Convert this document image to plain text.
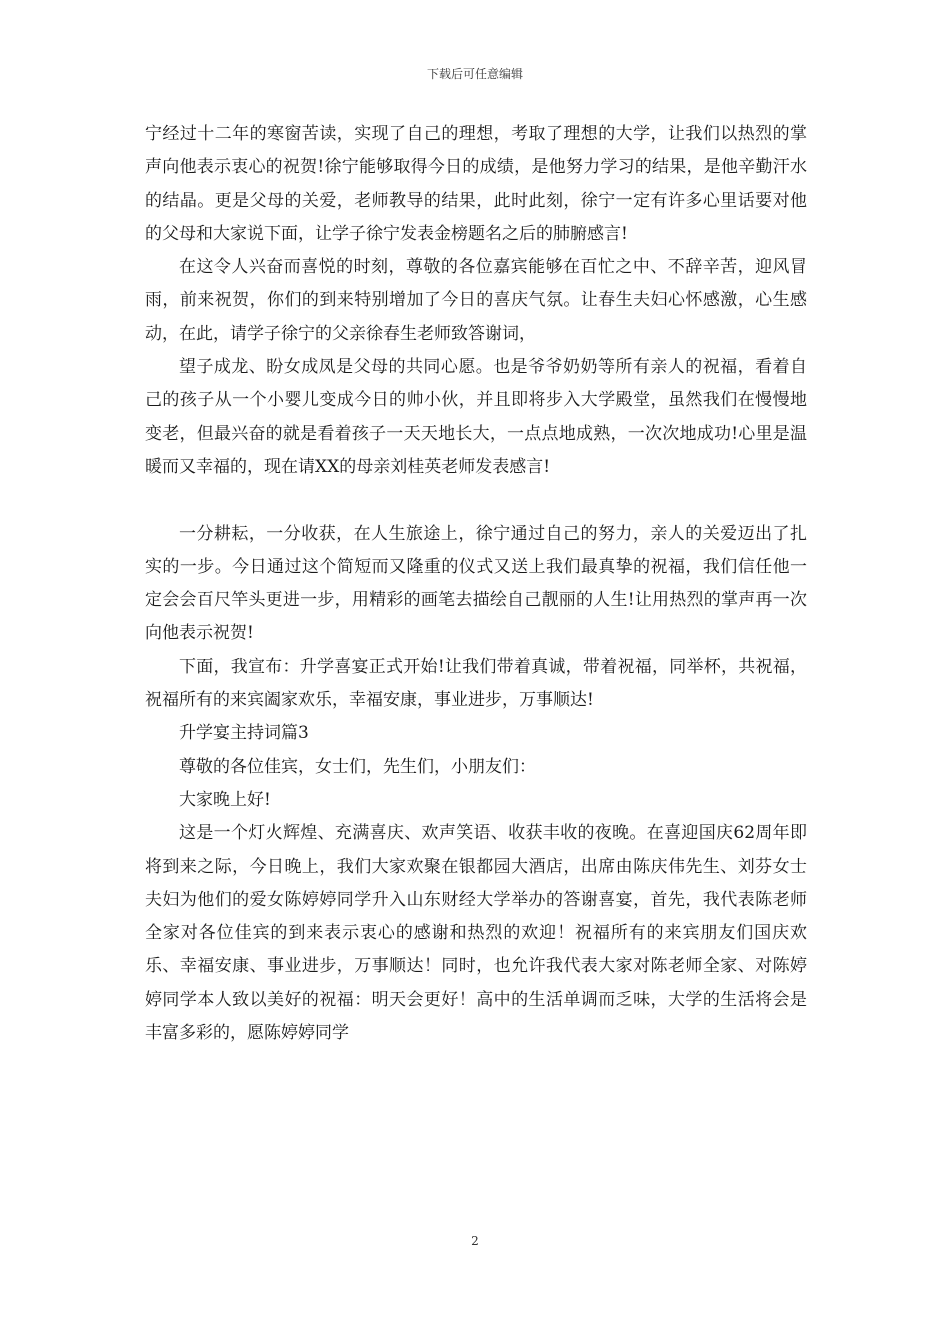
下载后可任意编辑

宁经过十二年的寒窗苦读，实现了自己的理想，考取了理想的大学，让我们以热烈的掌声向他表示衷心的祝贺!徐宁能够取得今日的成绩，是他努力学习的结果，是他辛勤汗水的结晶。更是父母的关爱，老师教导的结果，此时此刻，徐宁一定有许多心里话要对他的父母和大家说下面，让学子徐宁发表金榜题名之后的肺腑感言!

在这令人兴奋而喜悦的时刻，尊敬的各位嘉宾能够在百忙之中、不辞辛苦，迎风冒雨，前来祝贺，你们的到来特别增加了今日的喜庆气氛。让春生夫妇心怀感激，心生感动，在此，请学子徐宁的父亲徐春生老师致答谢词，

望子成龙、盼女成凤是父母的共同心愿。也是爷爷奶奶等所有亲人的祝福，看着自己的孩子从一个小婴儿变成今日的帅小伙，并且即将步入大学殿堂，虽然我们在慢慢地变老，但最兴奋的就是看着孩子一天天地长大，一点点地成熟，一次次地成功!心里是温暖而又幸福的，现在请XX的母亲刘桂英老师发表感言!

一分耕耘，一分收获，在人生旅途上，徐宁通过自己的努力，亲人的关爱迈出了扎实的一步。今日通过这个简短而又隆重的仪式又送上我们最真挚的祝福，我们信任他一定会会百尺竿头更进一步，用精彩的画笔去描绘自己靓丽的人生!让用热烈的掌声再一次向他表示祝贺!

下面，我宣布：升学喜宴正式开始!让我们带着真诚，带着祝福，同举杯，共祝福，祝福所有的来宾阖家欢乐，幸福安康，事业进步，万事顺达!

升学宴主持词篇3

尊敬的各位佳宾，女士们，先生们，小朋友们：

大家晚上好!

这是一个灯火辉煌、充满喜庆、欢声笑语、收获丰收的夜晚。在喜迎国庆62周年即将到来之际，今日晚上，我们大家欢聚在银都园大酒店，出席由陈庆伟先生、刘芬女士夫妇为他们的爱女陈婷婷同学升入山东财经大学举办的答谢喜宴，首先，我代表陈老师全家对各位佳宾的到来表示衷心的感谢和热烈的欢迎！祝福所有的来宾朋友们国庆欢乐、幸福安康、事业进步，万事顺达！同时，也允许我代表大家对陈老师全家、对陈婷婷同学本人致以美好的祝福：明天会更好！高中的生活单调而乏味，大学的生活将会是丰富多彩的，愿陈婷婷同学

2
